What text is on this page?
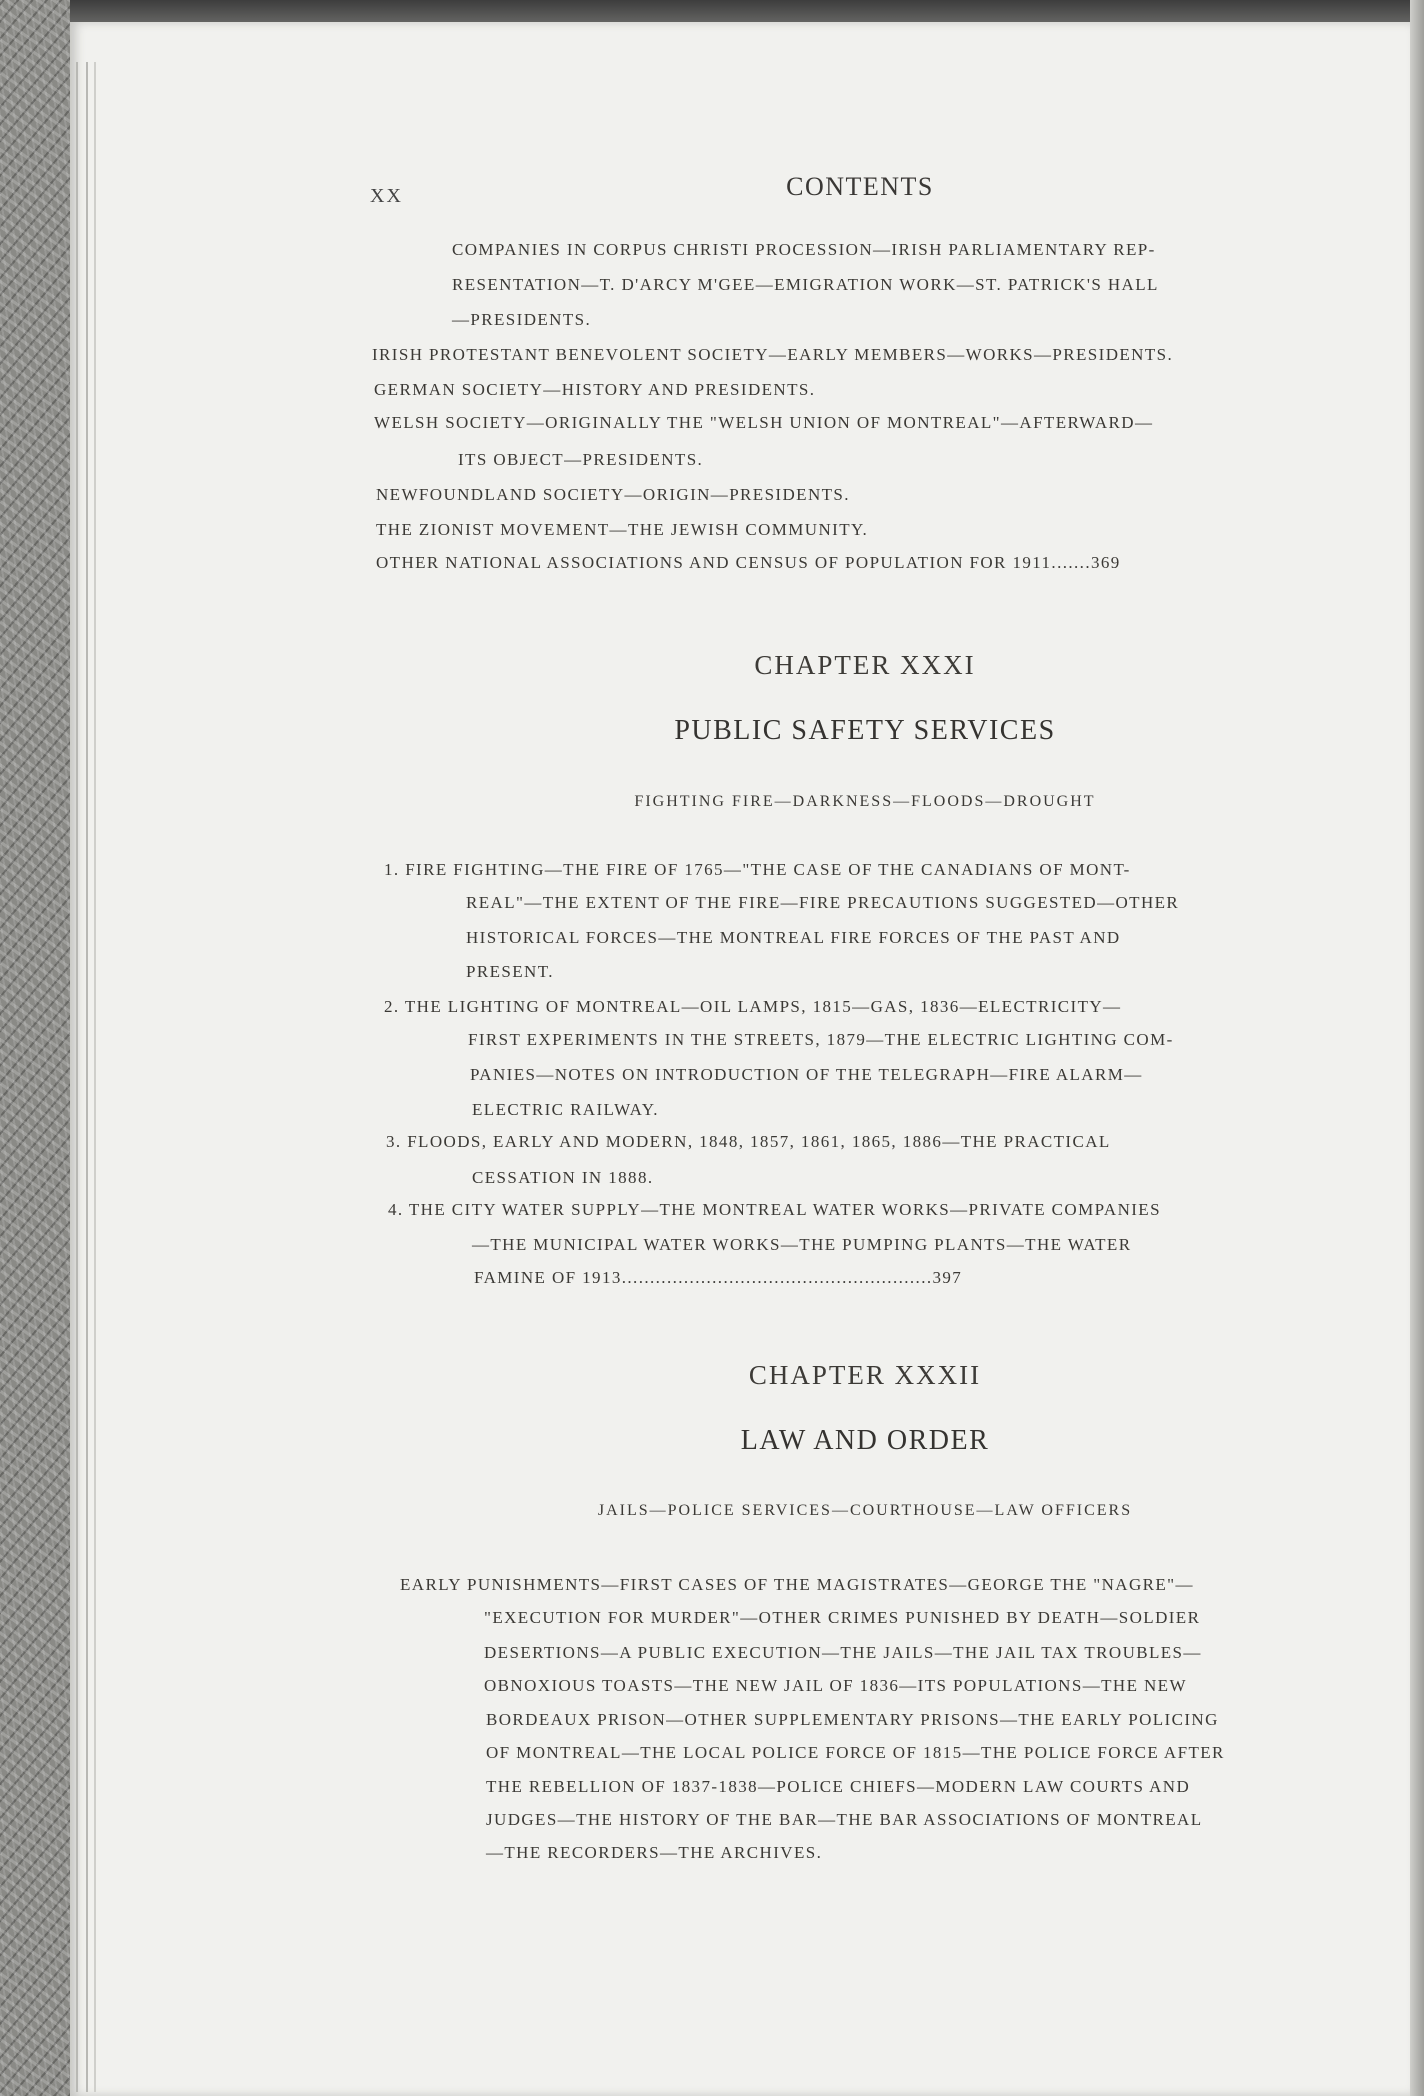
XX	CONTENTS
COMPANIES IN CORPUS CHRISTI PROCESSION—IRISH PARLIAMENTARY REP-
RESENTATION—T. D'ARCY M'GEE—EMIGRATION WORK—ST. PATRICK'S HALL
—PRESIDENTS.
IRISH PROTESTANT BENEVOLENT SOCIETY—EARLY MEMBERS—WORKS—PRESIDENTS.
GERMAN SOCIETY—HISTORY AND PRESIDENTS.
WELSH SOCIETY—ORIGINALLY THE "WELSH UNION OF MONTREAL"—AFTERWARD—
ITS OBJECT—PRESIDENTS.
NEWFOUNDLAND SOCIETY—ORIGIN—PRESIDENTS.
THE ZIONIST MOVEMENT—THE JEWISH COMMUNITY.
OTHER NATIONAL ASSOCIATIONS AND CENSUS OF POPULATION FOR 1911.......369
CHAPTER XXXI
PUBLIC SAFETY SERVICES
FIGHTING FIRE—DARKNESS—FLOODS—DROUGHT
1. FIRE FIGHTING—THE FIRE OF 1765—"THE CASE OF THE CANADIANS OF MONT-
REAL"—THE EXTENT OF THE FIRE—FIRE PRECAUTIONS SUGGESTED—OTHER
HISTORICAL FORCES—THE MONTREAL FIRE FORCES OF THE PAST AND
PRESENT.
2. THE LIGHTING OF MONTREAL—OIL LAMPS, 1815—GAS, 1836—ELECTRICITY—
FIRST EXPERIMENTS IN THE STREETS, 1879—THE ELECTRIC LIGHTING COM-
PANIES—NOTES ON INTRODUCTION OF THE TELEGRAPH—FIRE ALARM—
ELECTRIC RAILWAY.
3. FLOODS, EARLY AND MODERN, 1848, 1857, 1861, 1865, 1886—THE PRACTICAL
CESSATION IN 1888.
4. THE CITY WATER SUPPLY—THE MONTREAL WATER WORKS—PRIVATE COMPANIES
—THE MUNICIPAL WATER WORKS—THE PUMPING PLANTS—THE WATER
FAMINE OF 1913.......................................................397
CHAPTER XXXII
LAW AND ORDER
JAILS—POLICE SERVICES—COURTHOUSE—LAW OFFICERS
EARLY PUNISHMENTS—FIRST CASES OF THE MAGISTRATES—GEORGE THE "NAGRE"—
"EXECUTION FOR MURDER"—OTHER CRIMES PUNISHED BY DEATH—SOLDIER
DESERTIONS—A PUBLIC EXECUTION—THE JAILS—THE JAIL TAX TROUBLES—
OBNOXIOUS TOASTS—THE NEW JAIL OF 1836—ITS POPULATIONS—THE NEW
BORDEAUX PRISON—OTHER SUPPLEMENTARY PRISONS—THE EARLY POLICING
OF MONTREAL—THE LOCAL POLICE FORCE OF 1815—THE POLICE FORCE AFTER
THE REBELLION OF 1837-1838—POLICE CHIEFS—MODERN LAW COURTS AND
JUDGES—THE HISTORY OF THE BAR—THE BAR ASSOCIATIONS OF MONTREAL
—THE RECORDERS—THE ARCHIVES.
